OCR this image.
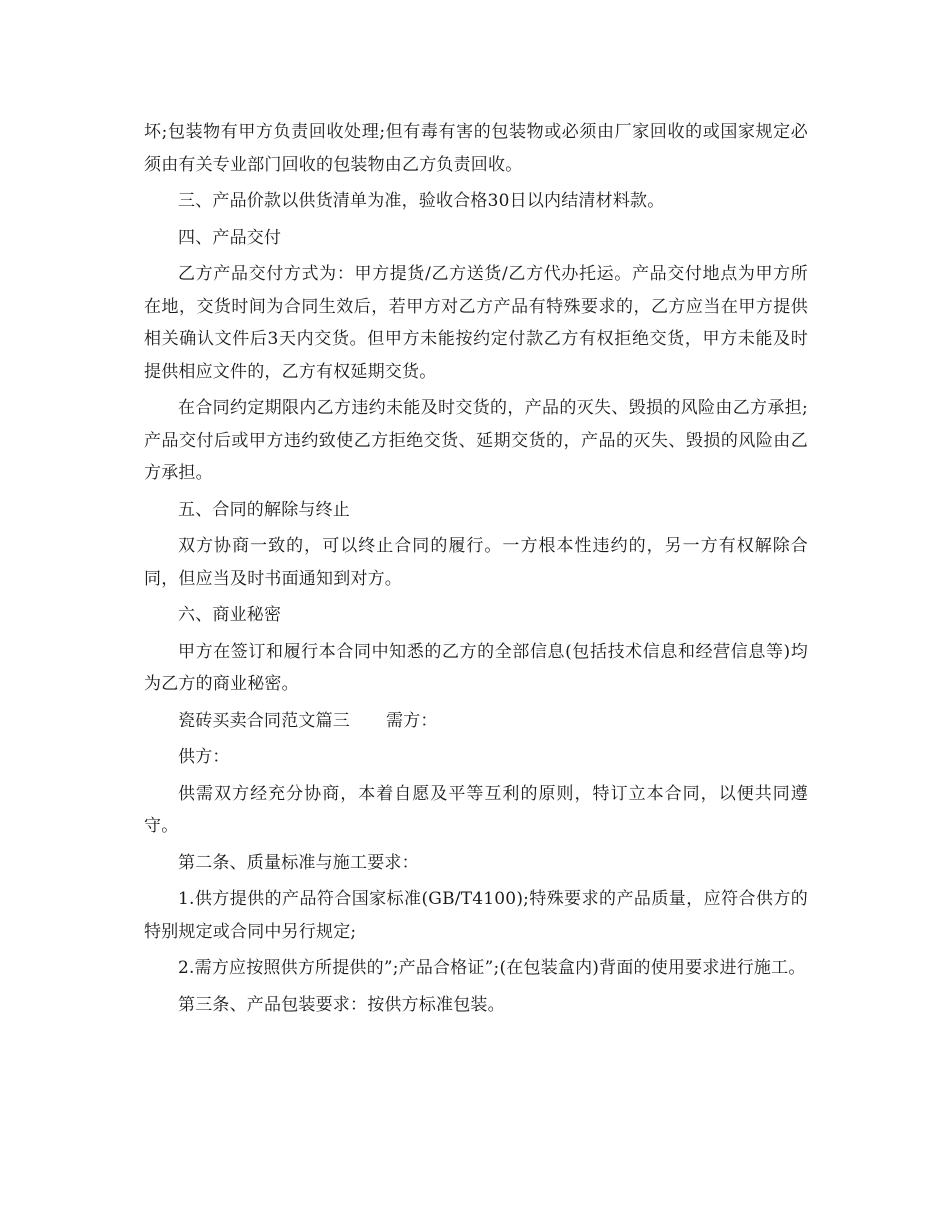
坏;包装物有甲方负责回收处理;但有毒有害的包装物或必须由厂家回收的或国家规定必须由有关专业部门回收的包装物由乙方负责回收。

三、产品价款以供货清单为准，验收合格30日以内结清材料款。

四、产品交付

乙方产品交付方式为：甲方提货/乙方送货/乙方代办托运。产品交付地点为甲方所在地，交货时间为合同生效后，若甲方对乙方产品有特殊要求的，乙方应当在甲方提供相关确认文件后3天内交货。但甲方未能按约定付款乙方有权拒绝交货，甲方未能及时提供相应文件的，乙方有权延期交货。

在合同约定期限内乙方违约未能及时交货的，产品的灭失、毁损的风险由乙方承担;产品交付后或甲方违约致使乙方拒绝交货、延期交货的，产品的灭失、毁损的风险由乙方承担。

五、合同的解除与终止

双方协商一致的，可以终止合同的履行。一方根本性违约的，另一方有权解除合同，但应当及时书面通知到对方。

六、商业秘密

甲方在签订和履行本合同中知悉的乙方的全部信息(包括技术信息和经营信息等)均为乙方的商业秘密。

瓷砖买卖合同范文篇三 需方：

供方：

供需双方经充分协商，本着自愿及平等互利的原则，特订立本合同，以便共同遵守。

第二条、质量标准与施工要求：

1.供方提供的产品符合国家标准(GB/T4100);特殊要求的产品质量，应符合供方的特别规定或合同中另行规定;

2.需方应按照供方所提供的”;产品合格证”;(在包装盒内)背面的使用要求进行施工。

第三条、产品包装要求：按供方标准包装。
